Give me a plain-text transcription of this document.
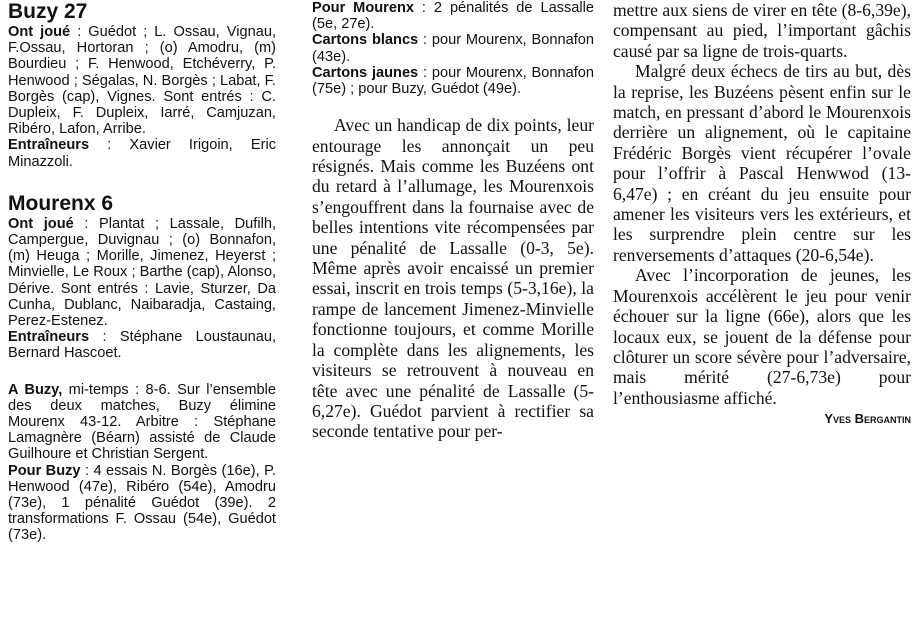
Buzy 27

Ont joué : Guédot ; L. Ossau, Vignau, F.Ossau, Hortoran ; (o) Amodru, (m) Bourdieu ; F. Henwood, Etchéverry, P. Henwood ; Ségalas, N. Borgès ; Labat, F. Borgès (cap), Vignes. Sont entrés : C. Dupleix, F. Dupleix, Iarré, Camjuzan, Ribéro, Lafon, Arribe.

Entraîneurs : Xavier Irigoin, Eric Minazzoli.

Mourenx 6

Ont joué : Plantat ; Lassale, Dufilh, Campergue, Duvignau ; (o) Bonnafon, (m) Heuga ; Morille, Jimenez, Heyerst ; Minvielle, Le Roux ; Barthe (cap), Alonso, Dérive. Sont entrés : Lavie, Sturzer, Da Cunha, Dublanc, Naibaradja, Castaing, Perez-Estenez.

Entraîneurs : Stéphane Loustaunau, Bernard Hascoet.

A Buzy, mi-temps : 8-6. Sur l’ensemble des deux matches, Buzy élimine Mourenx 43-12. Arbitre : Stéphane Lamagnère (Béarn) assisté de Claude Guilhoure et Christian Sergent.

Pour Buzy : 4 essais N. Borgès (16e), P. Henwood (47e), Ribéro (54e), Amodru (73e), 1 pénalité Guédot (39e). 2 transformations F. Ossau (54e), Guédot (73e).

Pour Mourenx : 2 pénalités de Lassalle (5e, 27e).

Cartons blancs : pour Mourenx, Bonnafon (43e).

Cartons jaunes : pour Mourenx, Bonnafon (75e) ; pour Buzy, Guédot (49e).

Avec un handicap de dix points, leur entourage les annonçait un peu résignés. Mais comme les Buzéens ont du retard à l’allumage, les Mourenxois s’engouffrent dans la fournaise avec de belles intentions vite récompensées par une pénalité de Lassalle (0-3, 5e). Même après avoir encaissé un premier essai, inscrit en trois temps (5-3,16e), la rampe de lancement Jimenez-Minvielle fonctionne toujours, et comme Morille la complète dans les alignements, les visiteurs se retrouvent à nouveau en tête avec une pénalité de Lassalle (5-6,27e). Guédot parvient à rectifier sa seconde tentative pour per-

mettre aux siens de virer en tête (8-6,39e), compensant au pied, l’important gâchis causé par sa ligne de trois-quarts.

Malgré deux échecs de tirs au but, dès la reprise, les Buzéens pèsent enfin sur le match, en pressant d’abord le Mourenxois derrière un alignement, où le capitaine Frédéric Borgès vient récupérer l’ovale pour l’offrir à Pascal Henwwod (13-6,47e) ; en créant du jeu ensuite pour amener les visiteurs vers les extérieurs, et les surprendre plein centre sur les renversements d’attaques (20-6,54e).

Avec l’incorporation de jeunes, les Mourenxois accélèrent le jeu pour venir échouer sur la ligne (66e), alors que les locaux eux, se jouent de la défense pour clôturer un score sévère pour l’adversaire, mais mérité (27-6,73e) pour l’enthousiasme affiché.

Yves Bergantin
